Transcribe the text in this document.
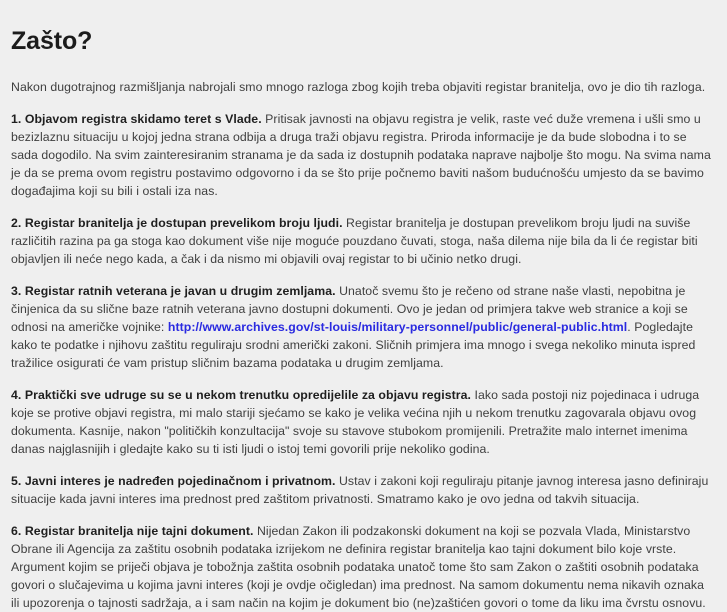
Zašto?

Nakon dugotrajnog razmišljanja nabrojali smo mnogo razloga zbog kojih treba objaviti registar branitelja, ovo je dio tih razloga.

1. Objavom registra skidamo teret s Vlade. Pritisak javnosti na objavu registra je velik, raste već duže vremena i ušli smo u bezizlaznu situaciju u kojoj jedna strana odbija a druga traži objavu registra. Priroda informacije je da bude slobodna i to se sada dogodilo. Na svim zainteresiranim stranama je da sada iz dostupnih podataka naprave najbolje što mogu. Na svima nama je da se prema ovom registru postavimo odgovorno i da se što prije počnemo baviti našom budućnošću umjesto da se bavimo događajima koji su bili i ostali iza nas.

2. Registar branitelja je dostupan prevelikom broju ljudi. Registar branitelja je dostupan prevelikom broju ljudi na suviše različitih razina pa ga stoga kao dokument više nije moguće pouzdano čuvati, stoga, naša dilema nije bila da li će registar biti objavljen ili neće nego kada, a čak i da nismo mi objavili ovaj registar to bi učinio netko drugi.

3. Registar ratnih veterana je javan u drugim zemljama. Unatoč svemu što je rečeno od strane naše vlasti, nepobitna je činjenica da su slične baze ratnih veterana javno dostupni dokumenti. Ovo je jedan od primjera takve web stranice a koji se odnosi na američke vojnike: http://www.archives.gov/st-louis/military-personnel/public/general-public.html. Pogledajte kako te podatke i njihovu zaštitu reguliraju srodni američki zakoni. Sličnih primjera ima mnogo i svega nekoliko minuta ispred tražilice osigurati će vam pristup sličnim bazama podataka u drugim zemljama.

4. Praktički sve udruge su se u nekom trenutku opredijelile za objavu registra. Iako sada postoji niz pojedinaca i udruga koje se protive objavi registra, mi malo stariji sjećamo se kako je velika većina njih u nekom trenutku zagovarala objavu ovog dokumenta. Kasnije, nakon "političkih konzultacija" svoje su stavove stubokom promijenili. Pretražite malo internet imenima danas najglasnijih i gledajte kako su ti isti ljudi o istoj temi govorili prije nekoliko godina.

5. Javni interes je nadređen pojedinačnom i privatnom. Ustav i zakoni koji reguliraju pitanje javnog interesa jasno definiraju situacije kada javni interes ima prednost pred zaštitom privatnosti. Smatramo kako je ovo jedna od takvih situacija.

6. Registar branitelja nije tajni dokument. Nijedan Zakon ili podzakonski dokument na koji se pozvala Vlada, Ministarstvo Obrane ili Agencija za zaštitu osobnih podataka izrijekom ne definira registar branitelja kao tajni dokument bilo koje vrste. Argument kojim se priječi objava je tobožnja zaštita osobnih podataka unatoč tome što sam Zakon o zaštiti osobnih podataka govori o slučajevima u kojima javni interes (koji je ovdje očigledan) ima prednost. Na samom dokumentu nema nikavih oznaka ili upozorenja o tajnosti sadržaja, a i sam način na kojim je dokument bio (ne)zaštićen govori o tome da liku ima čvrstu osnovu.
